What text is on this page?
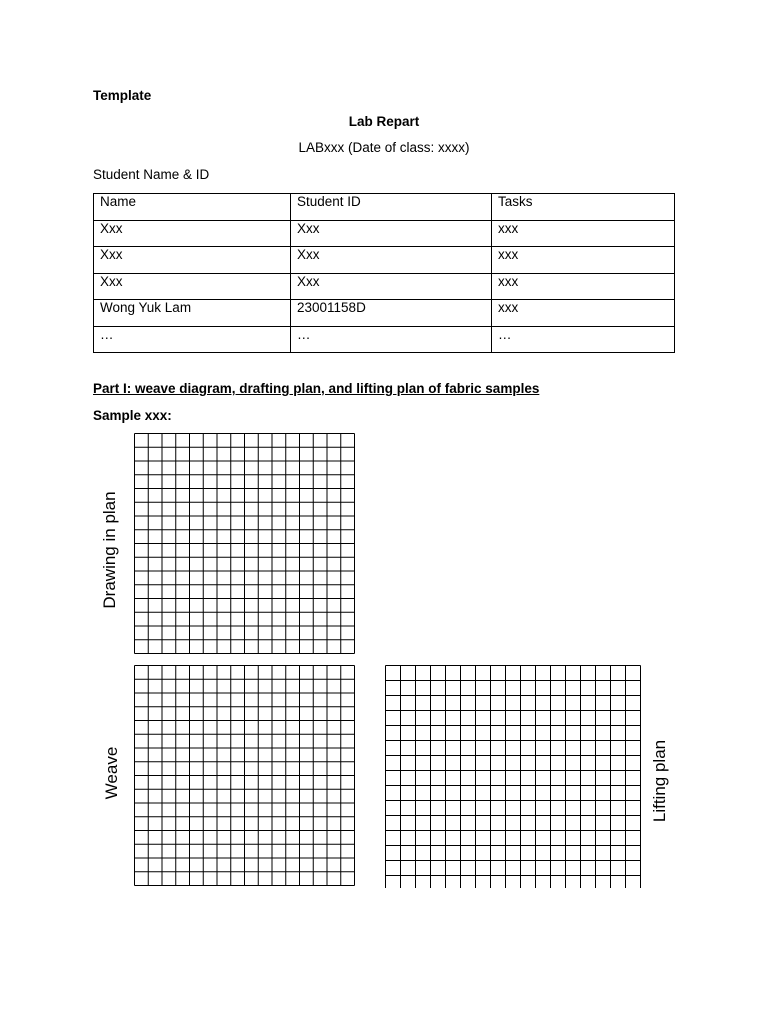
Template
Lab Repart
LABxxx (Date of class: xxxx)
Student Name & ID
Name	Student ID	Tasks
Xxx	Xxx	xxx
Xxx	Xxx	xxx
Xxx	Xxx	xxx
Wong Yuk Lam	23001158D	xxx
…	…	…
Part I: weave diagram, drafting plan, and lifting plan of fabric samples
Sample xxx:
Drawing in plan
Weave	Lifting plan
